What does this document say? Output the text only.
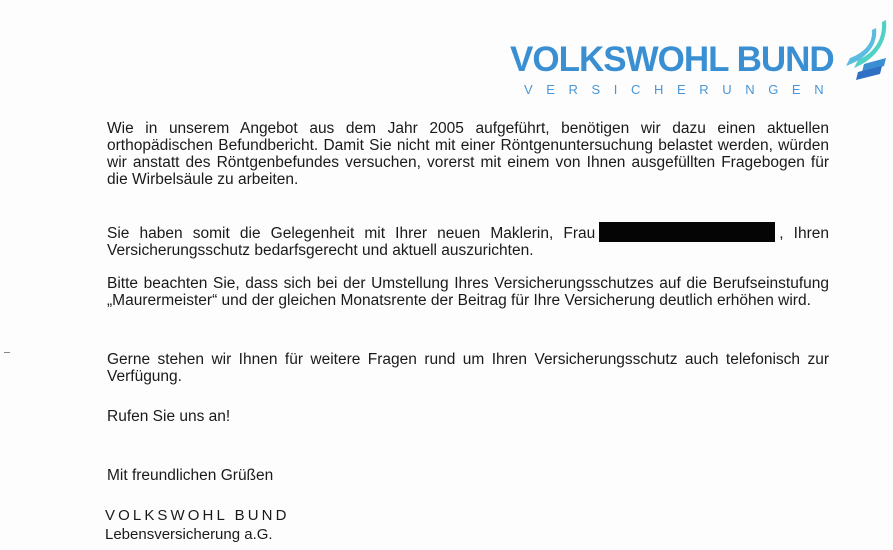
VOLKSWOHL BUND
VERSICHERUNGEN

Wie in unserem Angebot aus dem Jahr 2005 aufgeführt, benötigen wir dazu einen aktuellen orthopädischen Befundbericht. Damit Sie nicht mit einer Röntgenuntersuchung belastet werden, würden wir anstatt des Röntgenbefundes versuchen, vorerst mit einem von Ihnen ausgefüllten Fragebogen für die Wirbelsäule zu arbeiten.

Sie haben somit die Gelegenheit mit Ihrer neuen Maklerin, Frau	, Ihren Versicherungsschutz bedarfsgerecht und aktuell auszurichten.

Bitte beachten Sie, dass sich bei der Umstellung Ihres Versicherungsschutzes auf die Berufseinstufung „Maurermeister“ und der gleichen Monatsrente der Beitrag für Ihre Versicherung deutlich erhöhen wird.

Gerne stehen wir Ihnen für weitere Fragen rund um Ihren Versicherungsschutz auch telefonisch zur Verfügung.

Rufen Sie uns an!

Mit freundlichen Grüßen

VOLKSWOHL BUND
Lebensversicherung a.G.
